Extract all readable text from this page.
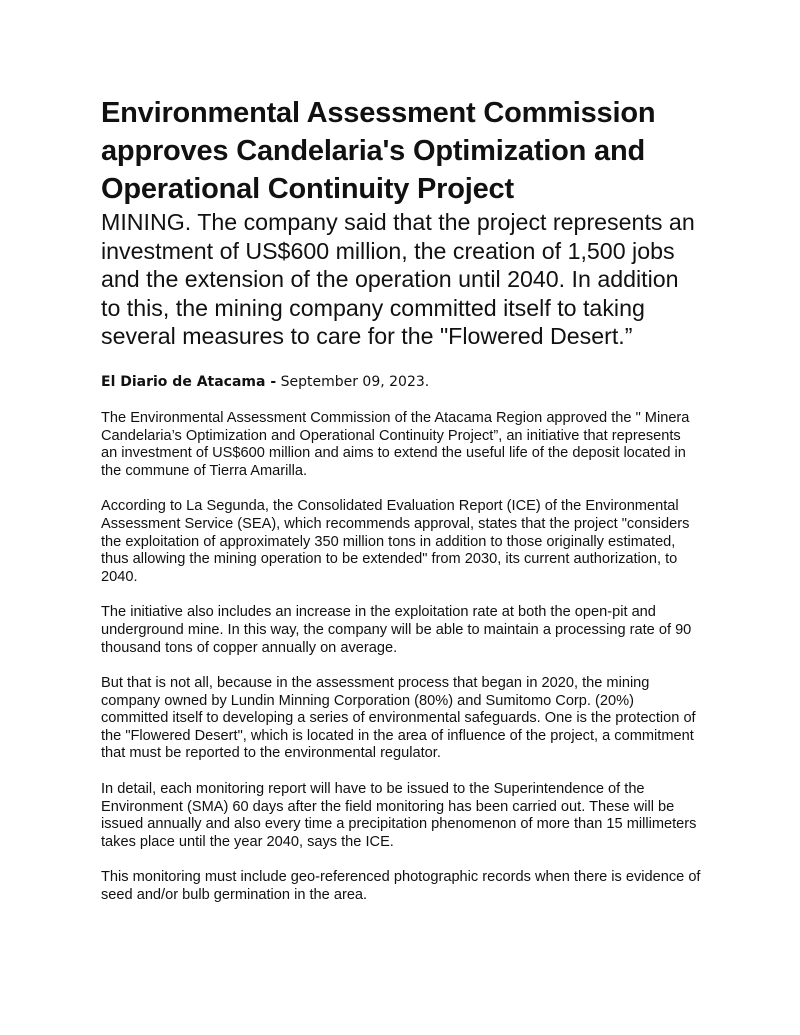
Environmental Assessment Commission approves Candelaria's Optimization and Operational Continuity Project

MINING. The company said that the project represents an investment of US$600 million, the creation of 1,500 jobs and the extension of the operation until 2040. In addition to this, the mining company committed itself to taking several measures to care for the "Flowered Desert.”

El Diario de Atacama - September 09, 2023.

The Environmental Assessment Commission of the Atacama Region approved the " Minera Candelaria’s Optimization and Operational Continuity Project”, an initiative that represents an investment of US$600 million and aims to extend the useful life of the deposit located in the commune of Tierra Amarilla.

According to La Segunda, the Consolidated Evaluation Report (ICE) of the Environmental Assessment Service (SEA), which recommends approval, states that the project "considers the exploitation of approximately 350 million tons in addition to those originally estimated, thus allowing the mining operation to be extended" from 2030, its current authorization, to 2040.

The initiative also includes an increase in the exploitation rate at both the open-pit and underground mine. In this way, the company will be able to maintain a processing rate of 90 thousand tons of copper annually on average.

But that is not all, because in the assessment process that began in 2020, the mining company owned by Lundin Minning Corporation (80%) and Sumitomo Corp. (20%) committed itself to developing a series of environmental safeguards. One is the protection of the "Flowered Desert", which is located in the area of influence of the project, a commitment that must be reported to the environmental regulator.

In detail, each monitoring report will have to be issued to the Superintendence of the Environment (SMA) 60 days after the field monitoring has been carried out. These will be issued annually and also every time a precipitation phenomenon of more than 15 millimeters takes place until the year 2040, says the ICE.

This monitoring must include geo-referenced photographic records when there is evidence of seed and/or bulb germination in the area.
